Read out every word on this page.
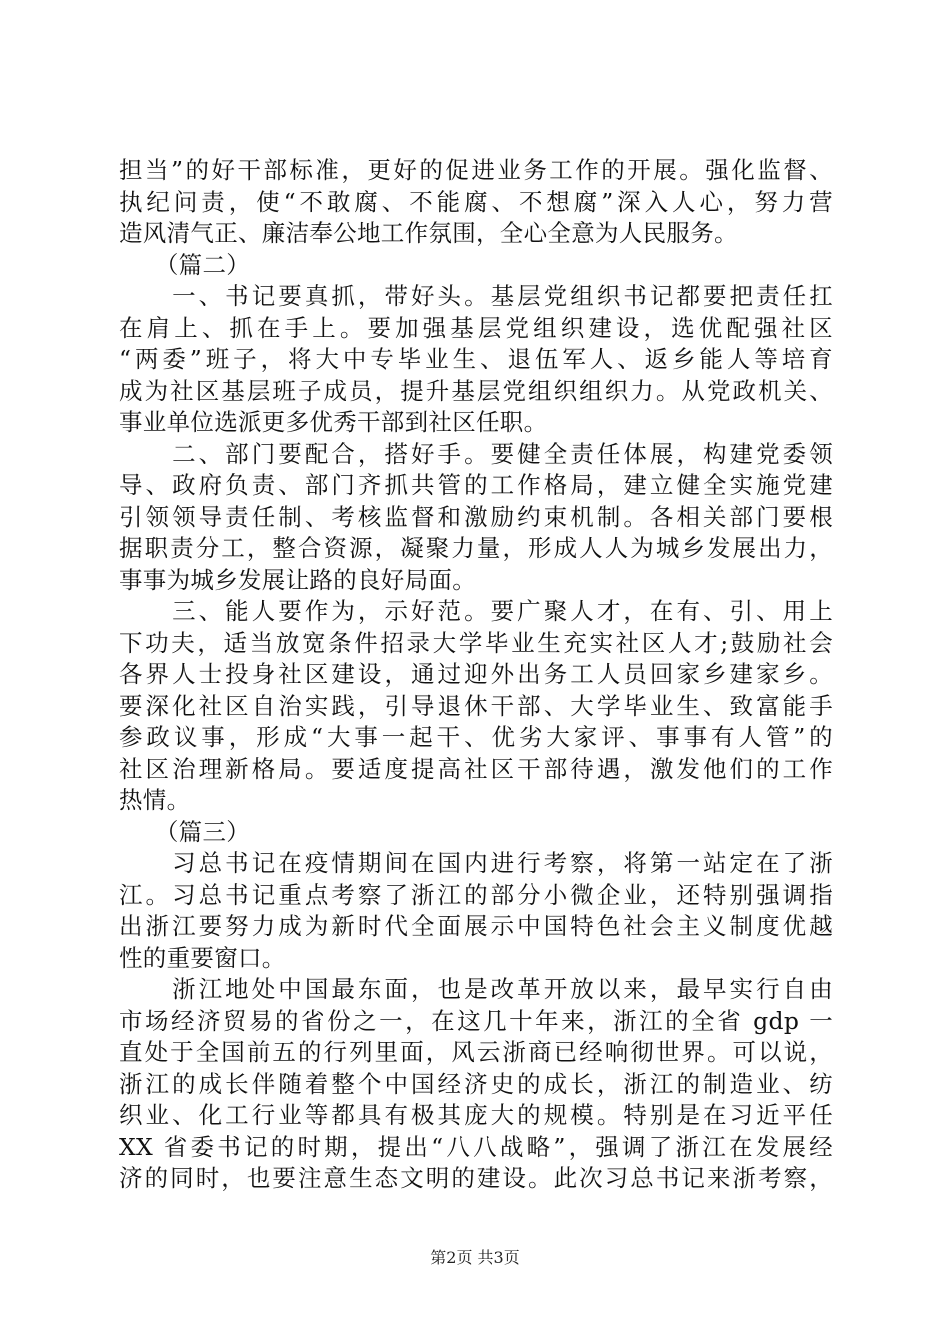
担当”的好干部标准，更好的促进业务工作的开展。强化监督、
执纪问责，使“不敢腐、不能腐、不想腐”深入人心，努力营
造风清气正、廉洁奉公地工作氛围，全心全意为人民服务。
　　（篇二）
　　一、书记要真抓，带好头。基层党组织书记都要把责任扛
在肩上、抓在手上。要加强基层党组织建设，选优配强社区
“两委”班子，将大中专毕业生、退伍军人、返乡能人等培育
成为社区基层班子成员，提升基层党组织组织力。从党政机关、
事业单位选派更多优秀干部到社区任职。
　　二、部门要配合，搭好手。要健全责任体展，构建党委领
导、政府负责、部门齐抓共管的工作格局，建立健全实施党建
引领领导责任制、考核监督和激励约束机制。各相关部门要根
据职责分工，整合资源，凝聚力量，形成人人为城乡发展出力，
事事为城乡发展让路的良好局面。
　　三、能人要作为，示好范。要广聚人才，在有、引、用上
下功夫，适当放宽条件招录大学毕业生充实社区人才;鼓励社会
各界人士投身社区建设，通过迎外出务工人员回家乡建家乡。
要深化社区自治实践，引导退休干部、大学毕业生、致富能手
参政议事，形成“大事一起干、优劣大家评、事事有人管”的
社区治理新格局。要适度提高社区干部待遇，激发他们的工作
热情。
　　（篇三）
　　习总书记在疫情期间在国内进行考察，将第一站定在了浙
江。习总书记重点考察了浙江的部分小微企业，还特别强调指
出浙江要努力成为新时代全面展示中国特色社会主义制度优越
性的重要窗口。
　　浙江地处中国最东面，也是改革开放以来，最早实行自由
市场经济贸易的省份之一，在这几十年来，浙江的全省 gdp 一
直处于全国前五的行列里面，风云浙商已经响彻世界。可以说，
浙江的成长伴随着整个中国经济史的成长，浙江的制造业、纺
织业、化工行业等都具有极其庞大的规模。特别是在习近平任
XX 省委书记的时期，提出“八八战略”，强调了浙江在发展经
济的同时，也要注意生态文明的建设。此次习总书记来浙考察，
第2页 共3页
